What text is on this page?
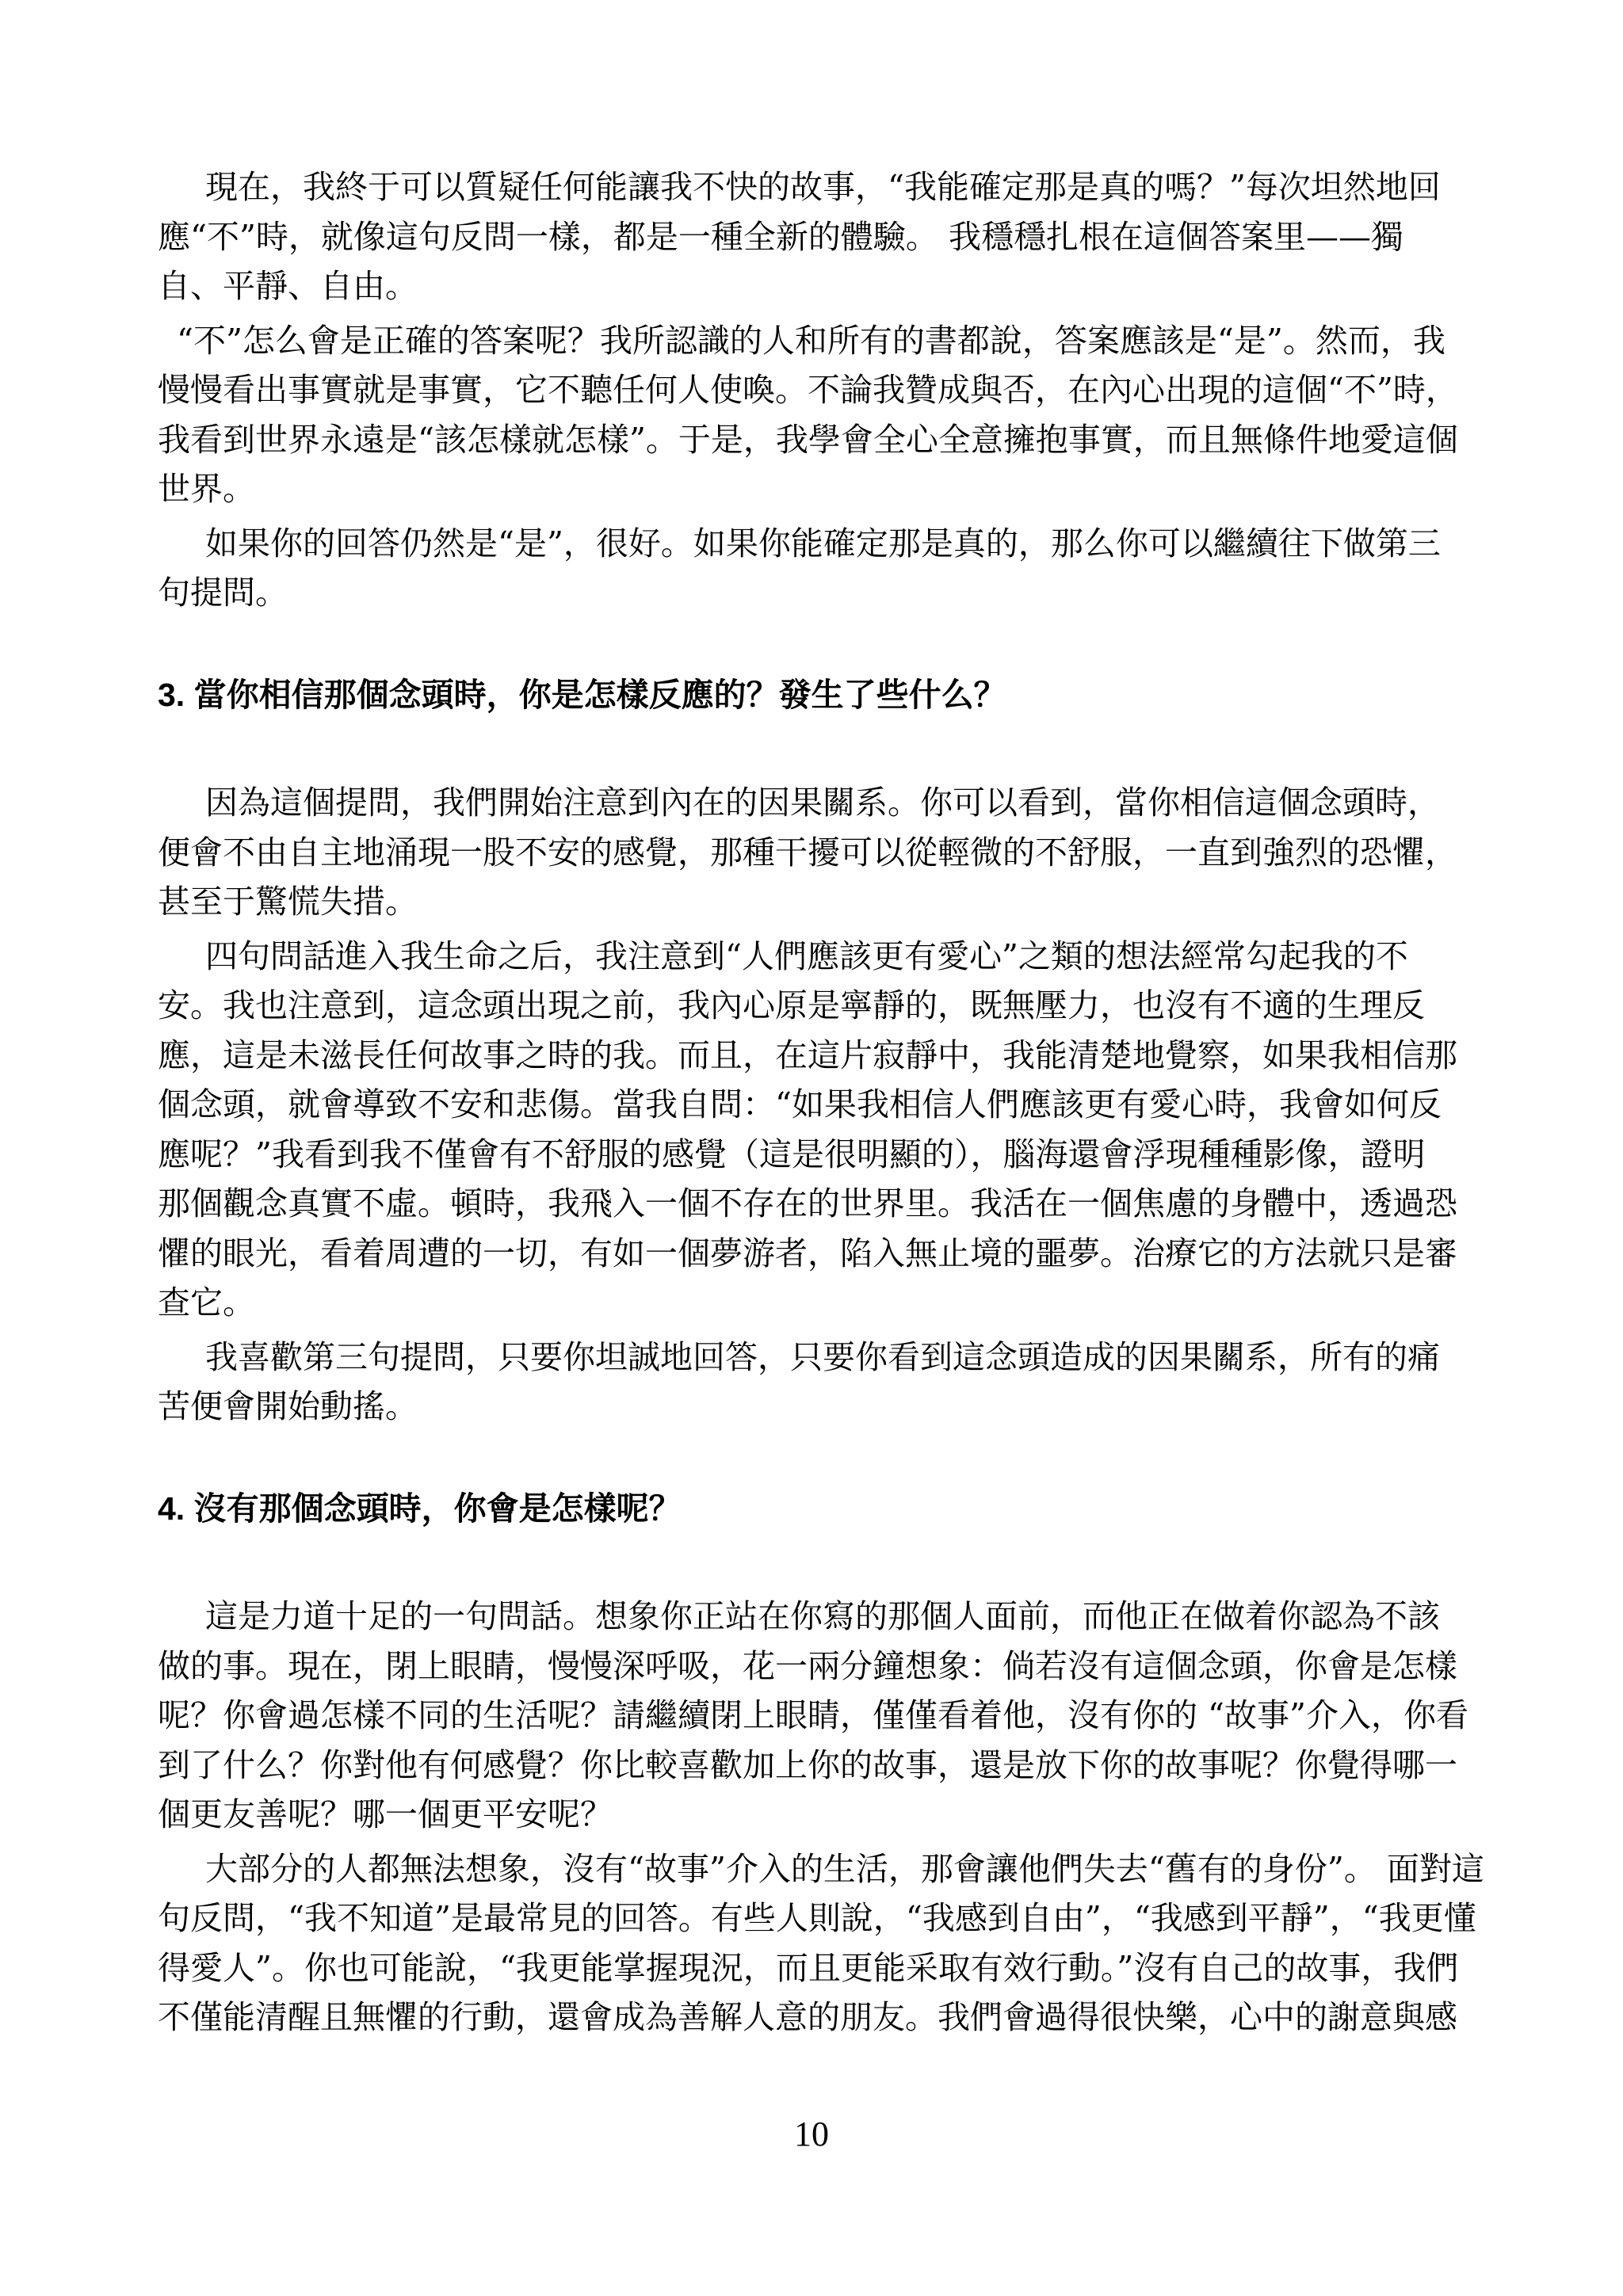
現在，我終于可以質疑任何能讓我不快的故事，“我能確定那是真的嗎？”每次坦然地回
應“不”時，就像這句反問一樣，都是一種全新的體驗。 我穩穩扎根在這個答案里——獨
自、平靜、自由。
“不”怎么會是正確的答案呢？我所認識的人和所有的書都說，答案應該是“是”。然而，我
慢慢看出事實就是事實，它不聽任何人使喚。不論我贊成與否，在內心出現的這個“不”時，
我看到世界永遠是“該怎樣就怎樣”。于是，我學會全心全意擁抱事實，而且無條件地愛這個
世界。
如果你的回答仍然是“是”，很好。如果你能確定那是真的，那么你可以繼續往下做第三
句提問。
3. 當你相信那個念頭時，你是怎樣反應的？發生了些什么？
因為這個提問，我們開始注意到內在的因果關系。你可以看到，當你相信這個念頭時，
便會不由自主地涌現一股不安的感覺，那種干擾可以從輕微的不舒服，一直到強烈的恐懼，
甚至于驚慌失措。
四句問話進入我生命之后，我注意到“人們應該更有愛心”之類的想法經常勾起我的不
安。我也注意到，這念頭出現之前，我內心原是寧靜的，既無壓力，也沒有不適的生理反
應，這是未滋長任何故事之時的我。而且，在這片寂靜中，我能清楚地覺察，如果我相信那
個念頭，就會導致不安和悲傷。當我自問：“如果我相信人們應該更有愛心時，我會如何反
應呢？”我看到我不僅會有不舒服的感覺（這是很明顯的），腦海還會浮現種種影像，證明
那個觀念真實不虛。頓時，我飛入一個不存在的世界里。我活在一個焦慮的身體中，透過恐
懼的眼光，看着周遭的一切，有如一個夢游者，陷入無止境的噩夢。治療它的方法就只是審
查它。
我喜歡第三句提問，只要你坦誠地回答，只要你看到這念頭造成的因果關系，所有的痛
苦便會開始動搖。
4. 沒有那個念頭時，你會是怎樣呢？
這是力道十足的一句問話。想象你正站在你寫的那個人面前，而他正在做着你認為不該
做的事。現在，閉上眼睛，慢慢深呼吸，花一兩分鐘想象：倘若沒有這個念頭，你會是怎樣
呢？你會過怎樣不同的生活呢？請繼續閉上眼睛，僅僅看着他，沒有你的 “故事”介入，你看
到了什么？你對他有何感覺？你比較喜歡加上你的故事，還是放下你的故事呢？你覺得哪一
個更友善呢？哪一個更平安呢？
大部分的人都無法想象，沒有“故事”介入的生活，那會讓他們失去“舊有的身份”。 面對這
句反問，“我不知道”是最常見的回答。有些人則說，“我感到自由”，“我感到平靜”，“我更懂
得愛人”。你也可能說，“我更能掌握現況，而且更能采取有效行動。”沒有自己的故事，我們
不僅能清醒且無懼的行動，還會成為善解人意的朋友。我們會過得很快樂，心中的謝意與感
10
